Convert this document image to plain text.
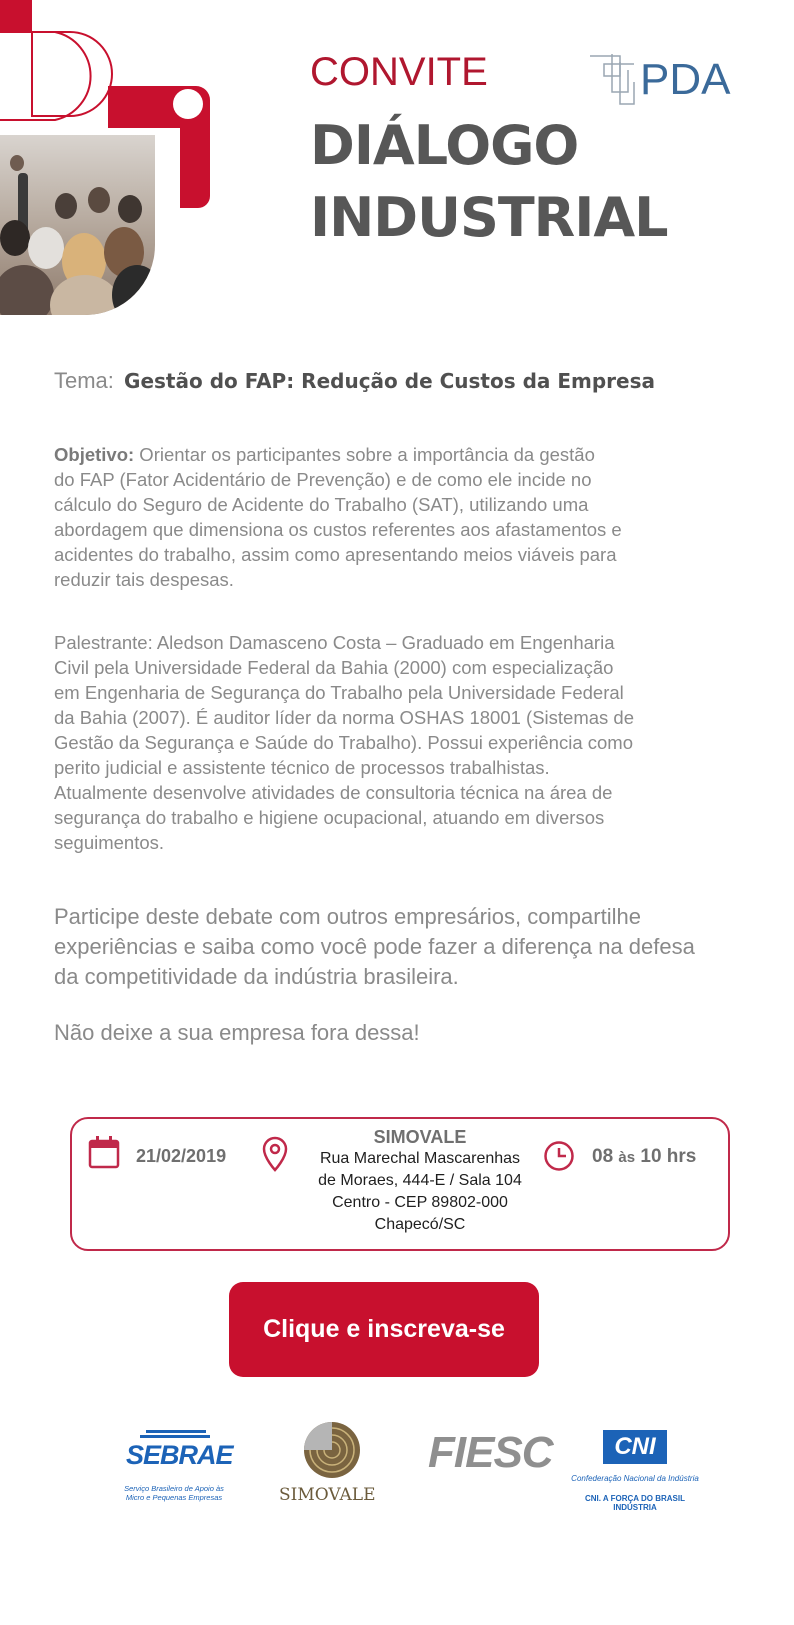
CONVITE
DIÁLOGO
INDUSTRIAL
PDA
Tema: Gestão do FAP: Redução de Custos da Empresa
Objetivo: Orientar os participantes sobre a importância da gestão
do FAP (Fator Acidentário de Prevenção) e de como ele incide no
cálculo do Seguro de Acidente do Trabalho (SAT), utilizando uma
abordagem que dimensiona os custos referentes aos afastamentos e
acidentes do trabalho, assim como apresentando meios viáveis para
reduzir tais despesas.
Palestrante: Aledson Damasceno Costa – Graduado em Engenharia
Civil pela Universidade Federal da Bahia (2000) com especialização
em Engenharia de Segurança do Trabalho pela Universidade Federal
da Bahia (2007). É auditor líder da norma OSHAS 18001 (Sistemas de
Gestão da Segurança e Saúde do Trabalho). Possui experiência como
perito judicial e assistente técnico de processos trabalhistas.
Atualmente desenvolve atividades de consultoria técnica na área de
segurança do trabalho e higiene ocupacional, atuando em diversos
seguimentos.
Participe deste debate com outros empresários, compartilhe
experiências e saiba como você pode fazer a diferença na defesa
da competitividade da indústria brasileira.
Não deixe a sua empresa fora dessa!
21/02/2019
SIMOVALE
Rua Marechal Mascarenhas
de Moraes, 444-E / Sala 104
Centro - CEP 89802-000
Chapecó/SC
08 às 10 hrs
Clique e inscreva-se
SEBRAE
Serviço Brasileiro de Apoio às Micro e Pequenas Empresas	SIMOVALE
FIESC	CNI
Confederação Nacional da Indústria
CNI. A FORÇA DO BRASIL INDÚSTRIA
